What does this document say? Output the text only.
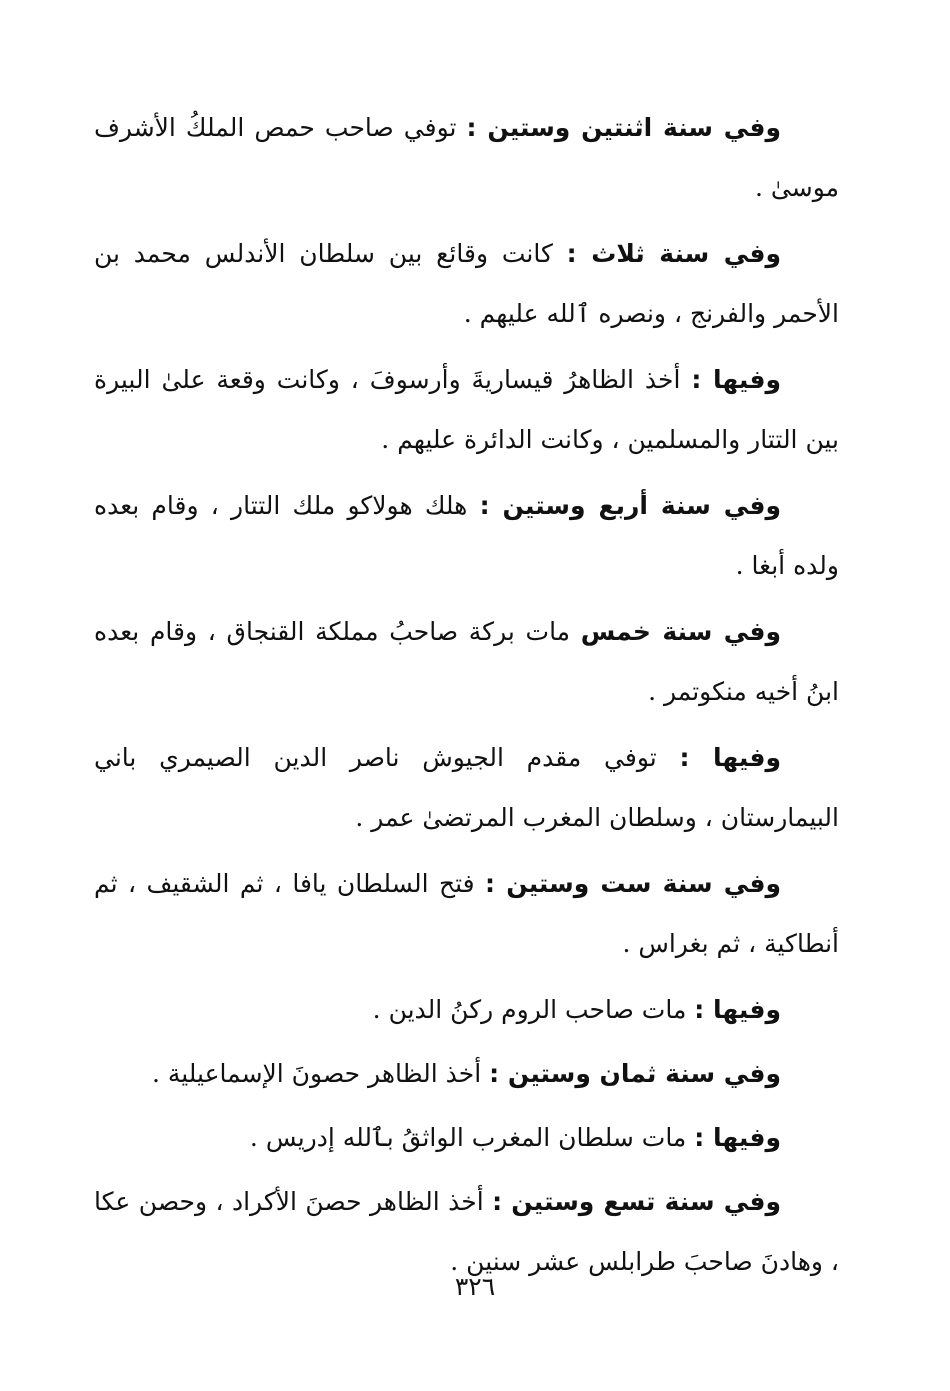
وفي سنة اثنتين وستين : توفي صاحب حمص الملكُ الأشرف موسىٰ .

وفي سنة ثلاث : كانت وقائع بين سلطان الأندلس محمد بن الأحمر والفرنج ، ونصره ٱلله عليهم .

وفيها : أخذ الظاهرُ قيساريةَ وأرسوفَ ، وكانت وقعة علىٰ البيرة بين التتار والمسلمين ، وكانت الدائرة عليهم .

وفي سنة أربع وستين : هلك هولاكو ملك التتار ، وقام بعده ولده أبغا .

وفي سنة خمس مات بركة صاحبُ مملكة القنجاق ، وقام بعده ابنُ أخيه منكوتمر .

وفيها : توفي مقدم الجيوش ناصر الدين الصيمري باني البيمارستان ، وسلطان المغرب المرتضىٰ عمر .

وفي سنة ست وستين : فتح السلطان يافا ، ثم الشقيف ، ثم أنطاكية ، ثم بغراس .

وفيها : مات صاحب الروم ركنُ الدين .

وفي سنة ثمان وستين : أخذ الظاهر حصونَ الإسماعيلية .

وفيها : مات سلطان المغرب الواثقُ بٱلله إدريس .

وفي سنة تسع وستين : أخذ الظاهر حصنَ الأكراد ، وحصن عكا ، وهادنَ صاحبَ طرابلس عشر سنين .

٣٢٦
